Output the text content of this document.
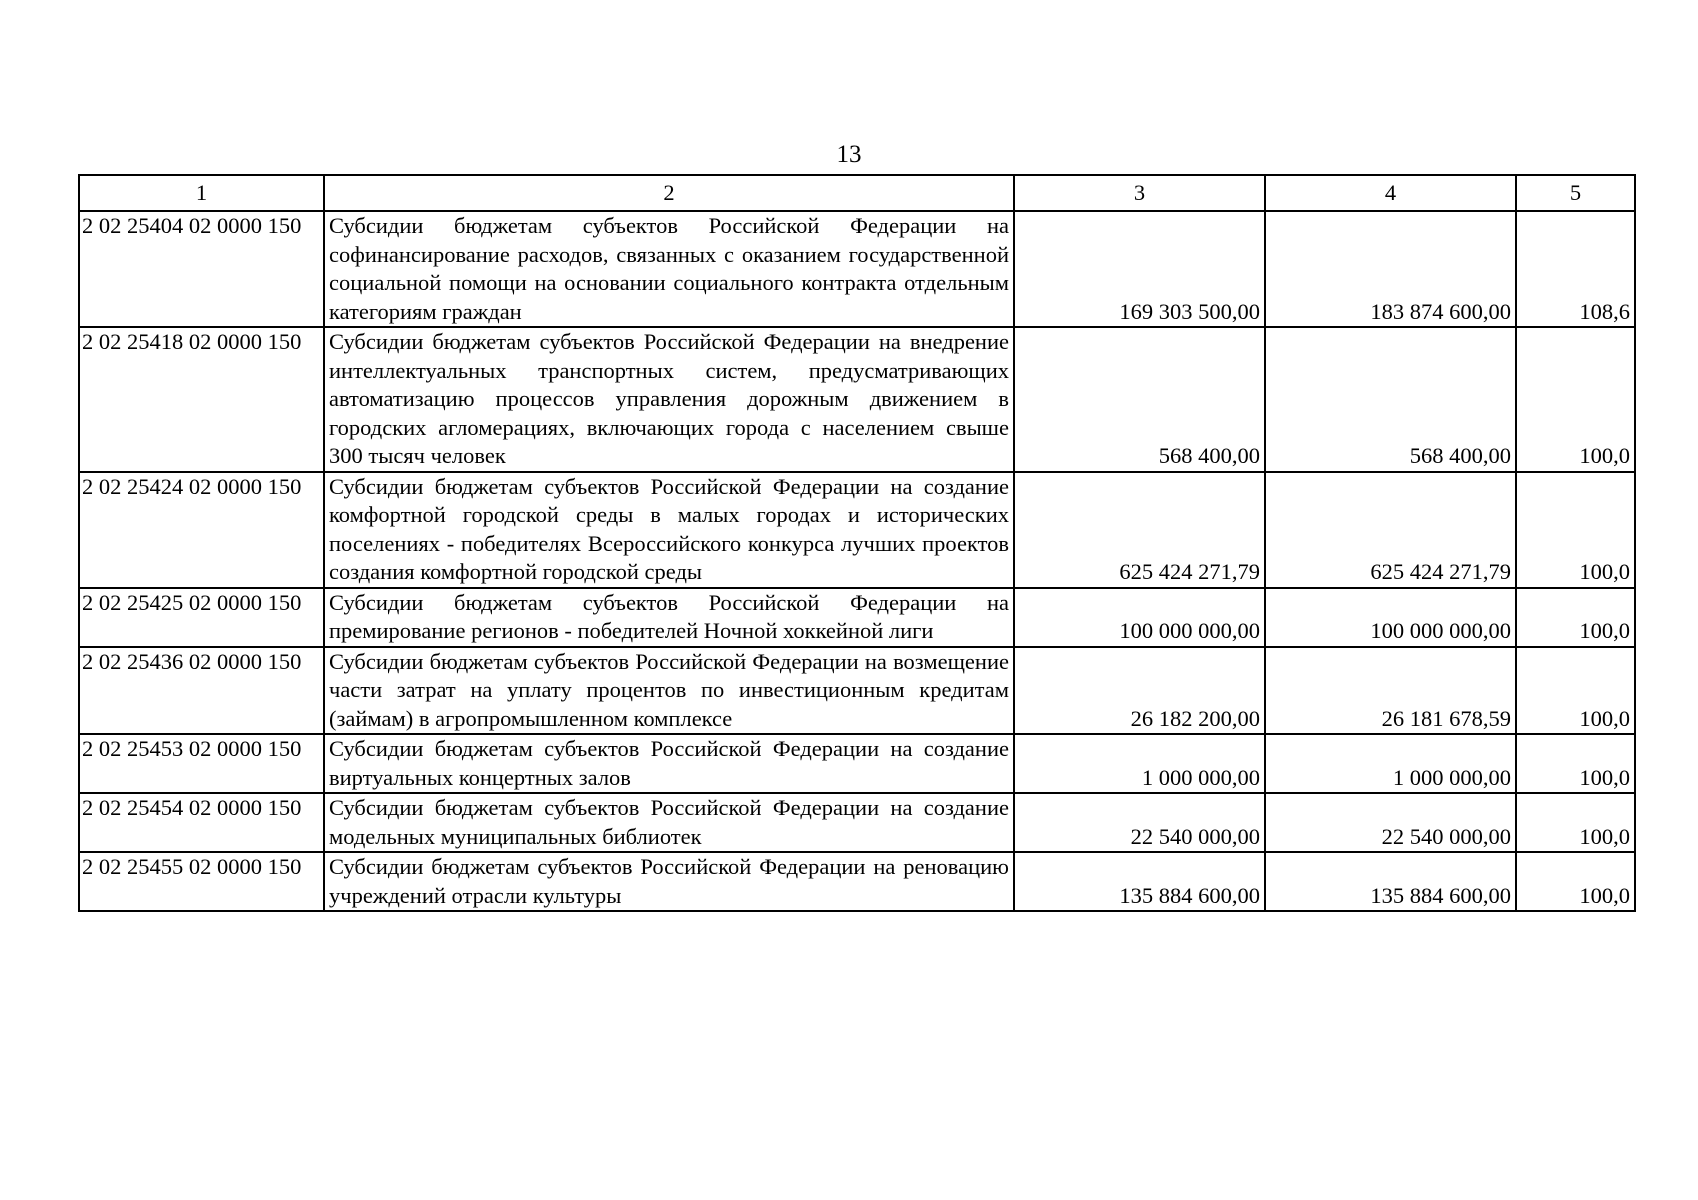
13
1	2	3	4	5
2 02 25404 02 0000 150	Субсидии бюджетам субъектов Российской Федерации на софинансирование расходов, связанных с оказанием государственной социальной помощи на основании социального контракта отдельным категориям граждан	169 303 500,00	183 874 600,00	108,6
2 02 25418 02 0000 150	Субсидии бюджетам субъектов Российской Федерации на внедрение интеллектуальных транспортных систем, предусматривающих автоматизацию процессов управления дорожным движением в городских агломерациях, включающих города с населением свыше 300 тысяч человек	568 400,00	568 400,00	100,0
2 02 25424 02 0000 150	Субсидии бюджетам субъектов Российской Федерации на создание комфортной городской среды в малых городах и исторических поселениях - победителях Всероссийского конкурса лучших проектов создания комфортной городской среды	625 424 271,79	625 424 271,79	100,0
2 02 25425 02 0000 150	Субсидии бюджетам субъектов Российской Федерации на премирование регионов - победителей Ночной хоккейной лиги	100 000 000,00	100 000 000,00	100,0
2 02 25436 02 0000 150	Субсидии бюджетам субъектов Российской Федерации на возмещение части затрат на уплату процентов по инвестиционным кредитам (займам) в агропромышленном комплексе	26 182 200,00	26 181 678,59	100,0
2 02 25453 02 0000 150	Субсидии бюджетам субъектов Российской Федерации на создание виртуальных концертных залов	1 000 000,00	1 000 000,00	100,0
2 02 25454 02 0000 150	Субсидии бюджетам субъектов Российской Федерации на создание модельных муниципальных библиотек	22 540 000,00	22 540 000,00	100,0
2 02 25455 02 0000 150	Субсидии бюджетам субъектов Российской Федерации на реновацию учреждений отрасли культуры	135 884 600,00	135 884 600,00	100,0
